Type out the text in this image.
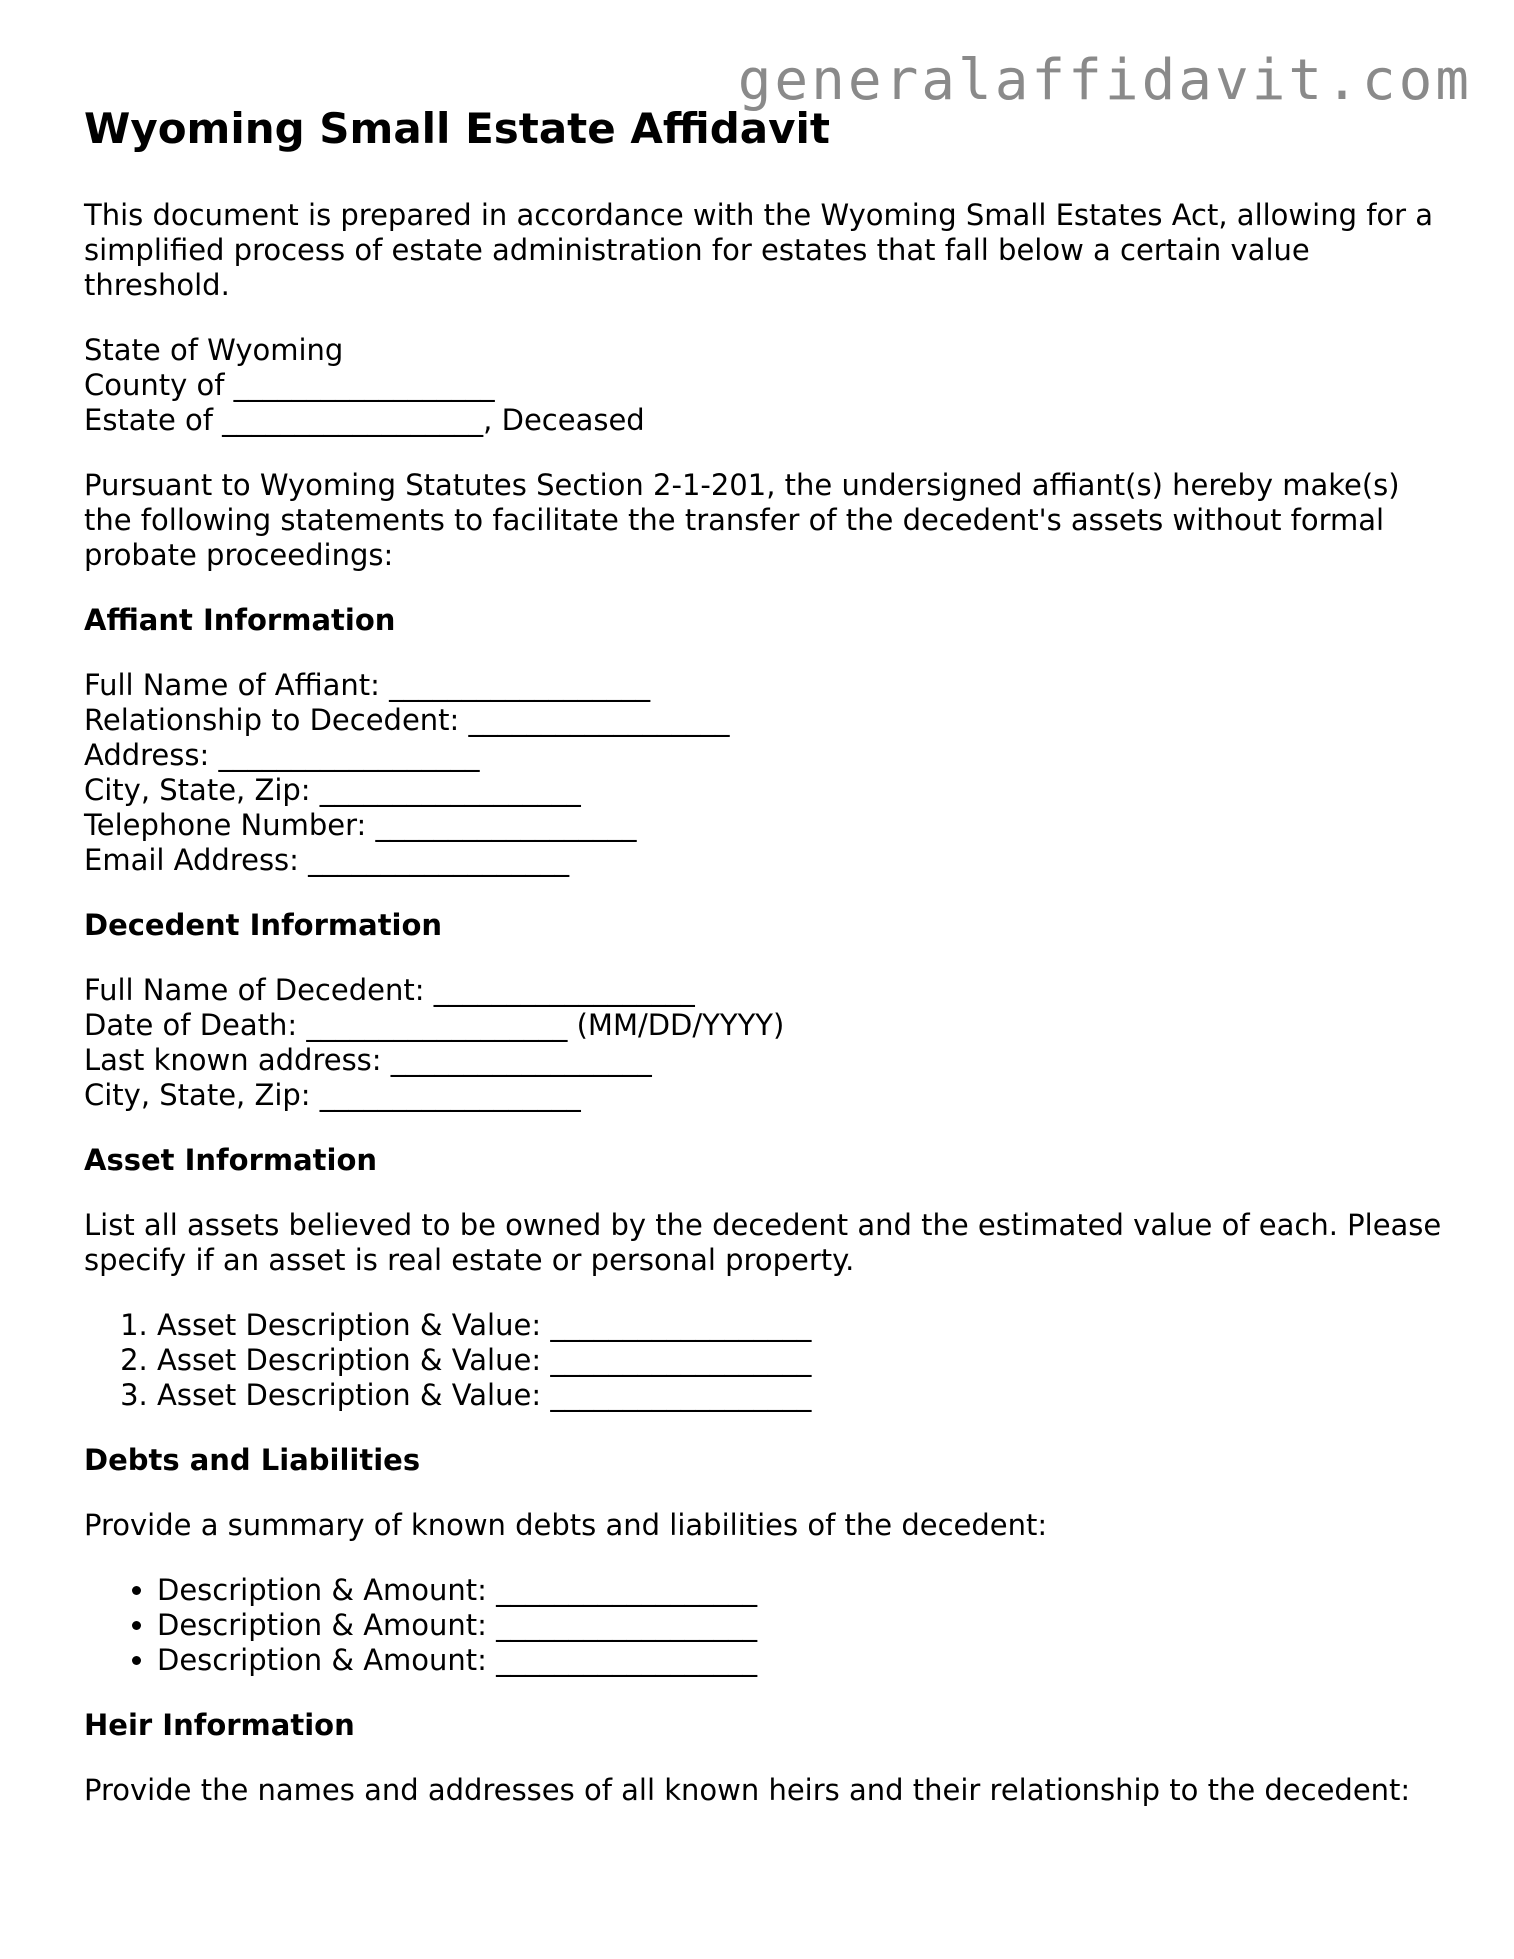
generalaffidavit.com
Wyoming Small Estate Affidavit

This document is prepared in accordance with the Wyoming Small Estates Act, allowing for a simplified process of estate administration for estates that fall below a certain value threshold.

State of Wyoming
County of __________________
Estate of __________________, Deceased

Pursuant to Wyoming Statutes Section 2-1-201, the undersigned affiant(s) hereby make(s) the following statements to facilitate the transfer of the decedent's assets without formal probate proceedings:

Affiant Information
Full Name of Affiant: __________________
Relationship to Decedent: __________________
Address: __________________
City, State, Zip: __________________
Telephone Number: __________________
Email Address: __________________
Decedent Information
Full Name of Decedent: __________________
Date of Death: __________________ (MM/DD/YYYY)
Last known address: __________________
City, State, Zip: __________________
Asset Information

List all assets believed to be owned by the decedent and the estimated value of each. Please specify if an asset is real estate or personal property.

1. Asset Description & Value: __________________
2. Asset Description & Value: __________________
3. Asset Description & Value: __________________
Debts and Liabilities

Provide a summary of known debts and liabilities of the decedent:

• Description & Amount: __________________
• Description & Amount: __________________
• Description & Amount: __________________
Heir Information

Provide the names and addresses of all known heirs and their relationship to the decedent:
